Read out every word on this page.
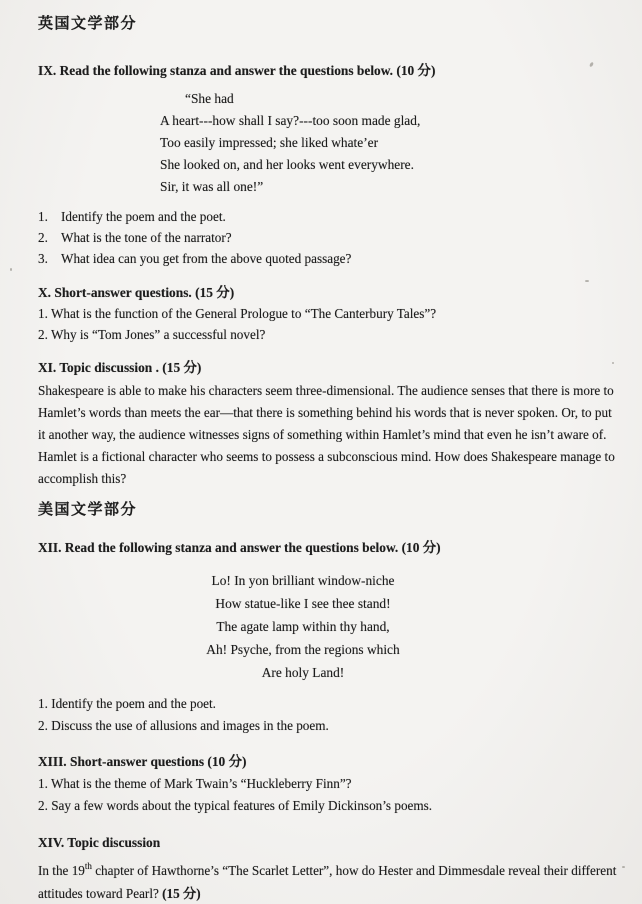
英国文学部分
IX. Read the following stanza and answer the questions below. (10 分)
“She had
A heart---how shall I say?---too soon made glad,
Too easily impressed; she liked whate’er
She looked on, and her looks went everywhere.
Sir, it was all one!”
1. Identify the poem and the poet.
2. What is the tone of the narrator?
3. What idea can you get from the above quoted passage?
X. Short-answer questions. (15 分)
1. What is the function of the General Prologue to “The Canterbury Tales”?
2. Why is “Tom Jones” a successful novel?
XI. Topic discussion . (15 分)
Shakespeare is able to make his characters seem three-dimensional. The audience senses that there is more to
Hamlet’s words than meets the ear—that there is something behind his words that is never spoken. Or, to put
it another way, the audience witnesses signs of something within Hamlet’s mind that even he isn’t aware of.
Hamlet is a fictional character who seems to possess a subconscious mind. How does Shakespeare manage to
accomplish this?
美国文学部分
XII. Read the following stanza and answer the questions below. (10 分)
Lo! In yon brilliant window-niche
How statue-like I see thee stand!
The agate lamp within thy hand,
Ah! Psyche, from the regions which
Are holy Land!
1. Identify the poem and the poet.
2. Discuss the use of allusions and images in the poem.
XIII. Short-answer questions (10 分)
1. What is the theme of Mark Twain’s “Huckleberry Finn”?
2. Say a few words about the typical features of Emily Dickinson’s poems.
XIV. Topic discussion
In the 19th chapter of Hawthorne’s “The Scarlet Letter”, how do Hester and Dimmesdale reveal their different
attitudes toward Pearl? (15 分)
